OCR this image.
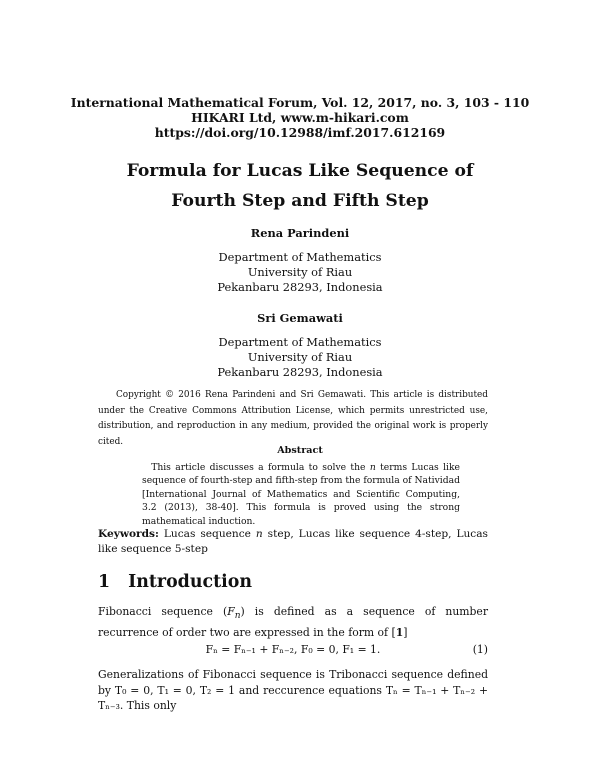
International Mathematical Forum, Vol. 12, 2017, no. 3, 103 - 110
HIKARI Ltd, www.m-hikari.com
https://doi.org/10.12988/imf.2017.612169
Formula for Lucas Like Sequence of
Fourth Step and Fifth Step
Rena Parindeni
Department of Mathematics
University of Riau
Pekanbaru 28293, Indonesia
Sri Gemawati
Department of Mathematics
University of Riau
Pekanbaru 28293, Indonesia
Copyright © 2016 Rena Parindeni and Sri Gemawati. This article is distributed under the Creative Commons Attribution License, which permits unrestricted use, distribution, and reproduction in any medium, provided the original work is properly cited.
Abstract
 This article discusses a formula to solve the n terms Lucas like sequence of fourth-step and fifth-step from the formula of Natividad [International Journal of Mathematics and Scientific Computing, 3.2 (2013), 38-40]. This formula is proved using the strong mathematical induction.
Keywords: Lucas sequence n step, Lucas like sequence 4-step, Lucas like sequence 5-step
1 Introduction
Fibonacci sequence $(F_n)$ is defined as a sequence of number recurrence of order two are expressed in the form of [1]
Fₙ = Fₙ₋₁ + Fₙ₋₂, F₀ = 0, F₁ = 1.	(1)
Generalizations of Fibonacci sequence is Tribonacci sequence defined by T₀ = 0, T₁ = 0, T₂ = 1 and reccurence equations Tₙ = Tₙ₋₁ + Tₙ₋₂ + Tₙ₋₃. This only
